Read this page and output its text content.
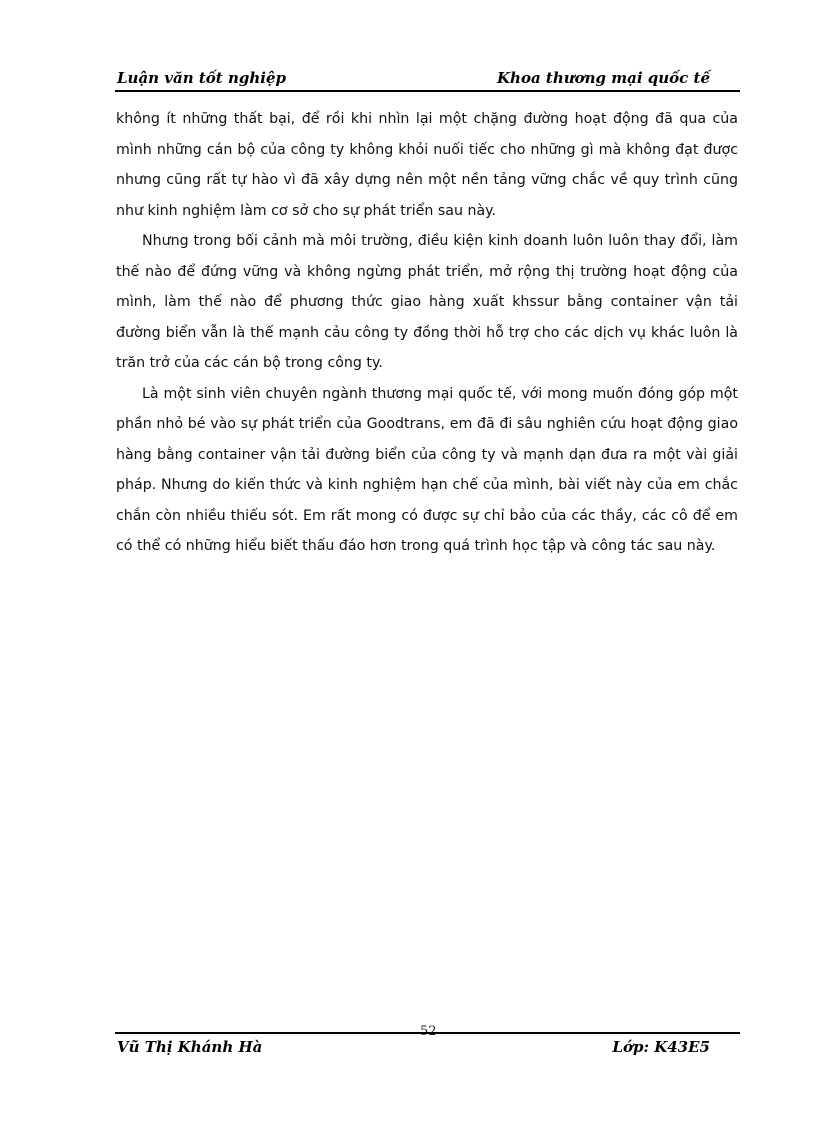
Luận văn tốt nghiệp	Khoa thương mại quốc tế

không ít những thất bại, để rồi khi nhìn lại một chặng đường hoạt động đã qua của mình những cán bộ của công ty không khỏi nuối tiếc cho những gì mà không đạt được nhưng cũng rất tự hào vì đã xây dựng nên một nền tảng vững chắc về quy trình cũng như kinh nghiệm làm cơ sở cho sự phát triển sau này.

Nhưng trong bối cảnh mà môi trường, điều kiện kinh doanh luôn luôn thay đổi, làm thế nào để đứng vững và không ngừng phát triển, mở rộng thị trường hoạt động của mình, làm thế nào để phương thức giao hàng xuất khssur bằng container vận tải đường biển vẫn là thế mạnh cảu công ty đồng thời hỗ trợ cho các dịch vụ khác luôn là trăn trở của các cán bộ trong công ty.

Là một sinh viên chuyên ngành thương mại quốc tế, với mong muốn đóng góp một phần nhỏ bé vào sự phát triển của Goodtrans, em đã đi sâu nghiên cứu hoạt động giao hàng bằng container vận tải đường biển của công ty và mạnh dạn đưa ra một vài giải pháp. Nhưng do kiến thức và kinh nghiệm hạn chế của mình, bài viết này của em chắc chắn còn nhiều thiếu sót. Em rất mong có được sự chỉ bảo của các thầy, các cô để em có thể có những hiểu biết thấu đáo hơn trong quá trình học tập và công tác sau này.

52
Vũ Thị Khánh Hà	Lớp: K43E5
